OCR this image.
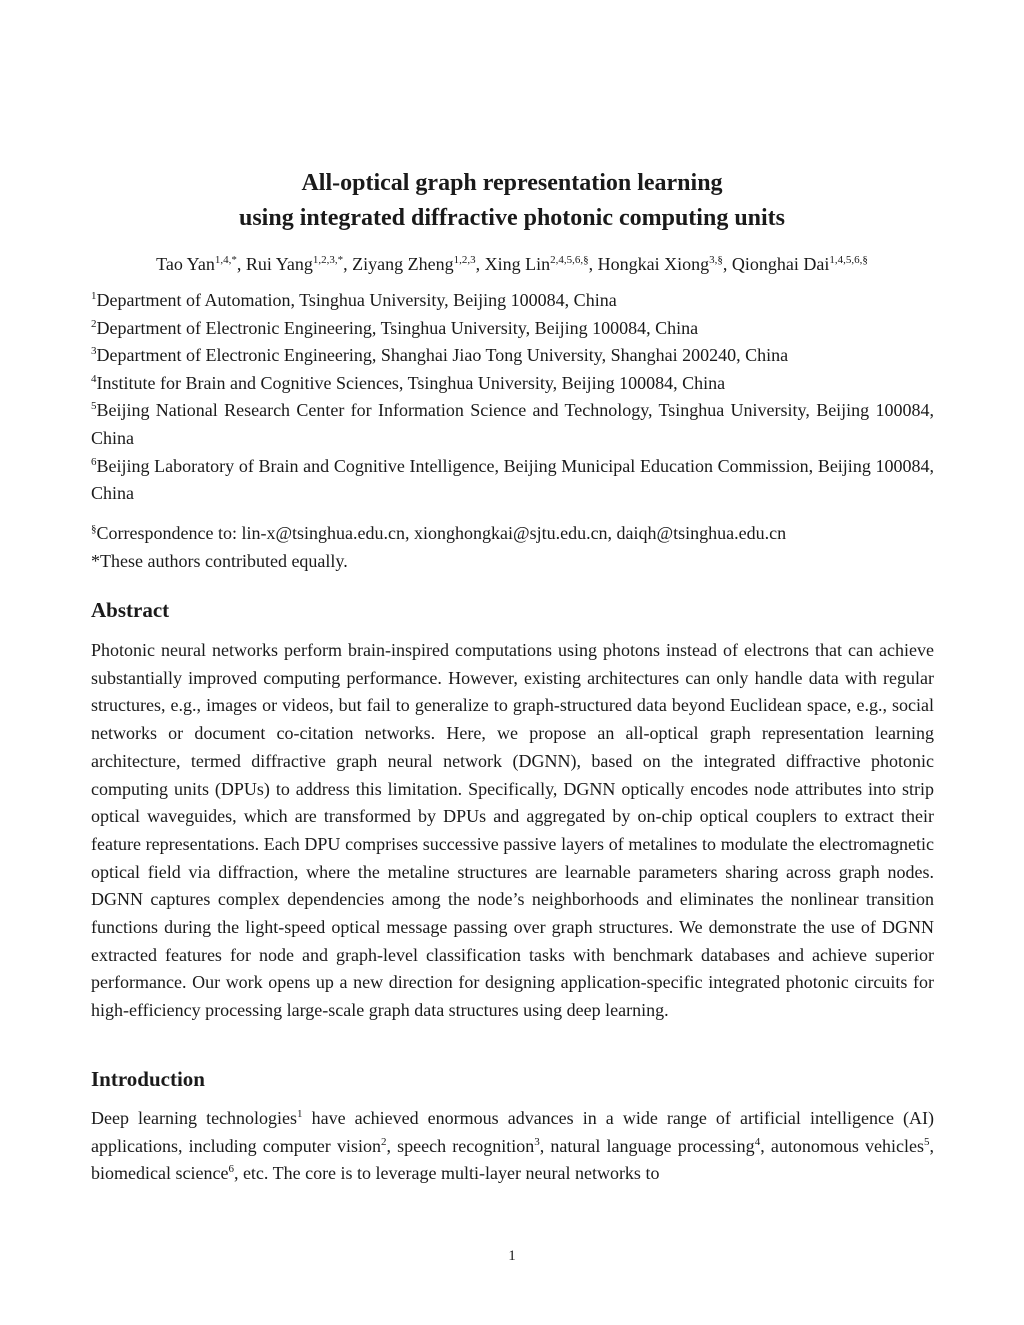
All-optical graph representation learning
using integrated diffractive photonic computing units
Tao Yan$^{1,4,*}$, Rui Yang$^{1,2,3,*}$, Ziyang Zheng$^{1,2,3}$, Xing Lin$^{2,4,5,6,\S}$, Hongkai Xiong$^{3,\S}$, Qionghai Dai$^{1,4,5,6,\S}$

$^1$Department of Automation, Tsinghua University, Beijing 100084, China

$^2$Department of Electronic Engineering, Tsinghua University, Beijing 100084, China

$^3$Department of Electronic Engineering, Shanghai Jiao Tong University, Shanghai 200240, China

$^4$Institute for Brain and Cognitive Sciences, Tsinghua University, Beijing 100084, China

$^5$Beijing National Research Center for Information Science and Technology, Tsinghua University, Beijing 100084, China

$^6$Beijing Laboratory of Brain and Cognitive Intelligence, Beijing Municipal Education Commission, Beijing 100084, China

§Correspondence to: lin-x@tsinghua.edu.cn, xionghongkai@sjtu.edu.cn, daiqh@tsinghua.edu.cn

*These authors contributed equally.

Abstract

Photonic neural networks perform brain-inspired computations using photons instead of electrons that can achieve substantially improved computing performance. However, existing architectures can only handle data with regular structures, e.g., images or videos, but fail to generalize to graph-structured data beyond Euclidean space, e.g., social networks or document co-citation networks. Here, we propose an all-optical graph representation learning architecture, termed diffractive graph neural network (DGNN), based on the integrated diffractive photonic computing units (DPUs) to address this limitation. Specifically, DGNN optically encodes node attributes into strip optical waveguides, which are transformed by DPUs and aggregated by on-chip optical couplers to extract their feature representations. Each DPU comprises successive passive layers of metalines to modulate the electromagnetic optical field via diffraction, where the metaline structures are learnable parameters sharing across graph nodes. DGNN captures complex dependencies among the node’s neighborhoods and eliminates the nonlinear transition functions during the light-speed optical message passing over graph structures. We demonstrate the use of DGNN extracted features for node and graph-level classification tasks with benchmark databases and achieve superior performance. Our work opens up a new direction for designing application-specific integrated photonic circuits for high-efficiency processing large-scale graph data structures using deep learning.

Introduction

Deep learning technologies$^1$ have achieved enormous advances in a wide range of artificial intelligence (AI) applications, including computer vision$^2$, speech recognition$^3$, natural language processing$^4$, autonomous vehicles$^5$, biomedical science$^6$, etc. The core is to leverage multi-layer neural networks to

1
